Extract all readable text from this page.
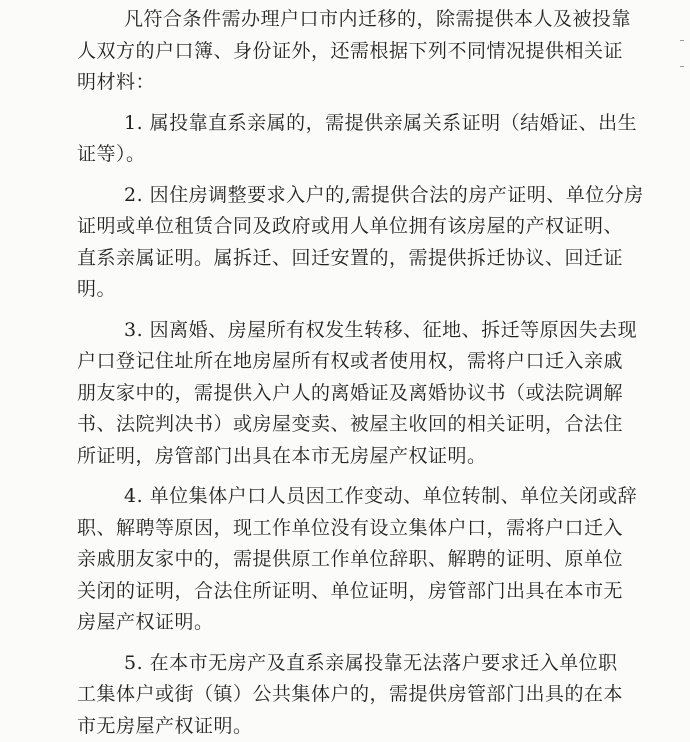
凡符合条件需办理户口市内迁移的，除需提供本人及被投靠
人双方的户口簿、身份证外，还需根据下列不同情况提供相关证
明材料：

1. 属投靠直系亲属的，需提供亲属关系证明（结婚证、出生
证等）。

2. 因住房调整要求入户的,需提供合法的房产证明、单位分房
证明或单位租赁合同及政府或用人单位拥有该房屋的产权证明、
直系亲属证明。属拆迁、回迁安置的，需提供拆迁协议、回迁证
明。

3. 因离婚、房屋所有权发生转移、征地、拆迁等原因失去现
户口登记住址所在地房屋所有权或者使用权，需将户口迁入亲戚
朋友家中的，需提供入户人的离婚证及离婚协议书（或法院调解
书、法院判决书）或房屋变卖、被屋主收回的相关证明，合法住
所证明，房管部门出具在本市无房屋产权证明。

4. 单位集体户口人员因工作变动、单位转制、单位关闭或辞
职、解聘等原因，现工作单位没有设立集体户口，需将户口迁入
亲戚朋友家中的，需提供原工作单位辞职、解聘的证明、原单位
关闭的证明，合法住所证明、单位证明，房管部门出具在本市无
房屋产权证明。

5. 在本市无房产及直系亲属投靠无法落户要求迁入单位职
工集体户或街（镇）公共集体户的，需提供房管部门出具的在本
市无房屋产权证明。
